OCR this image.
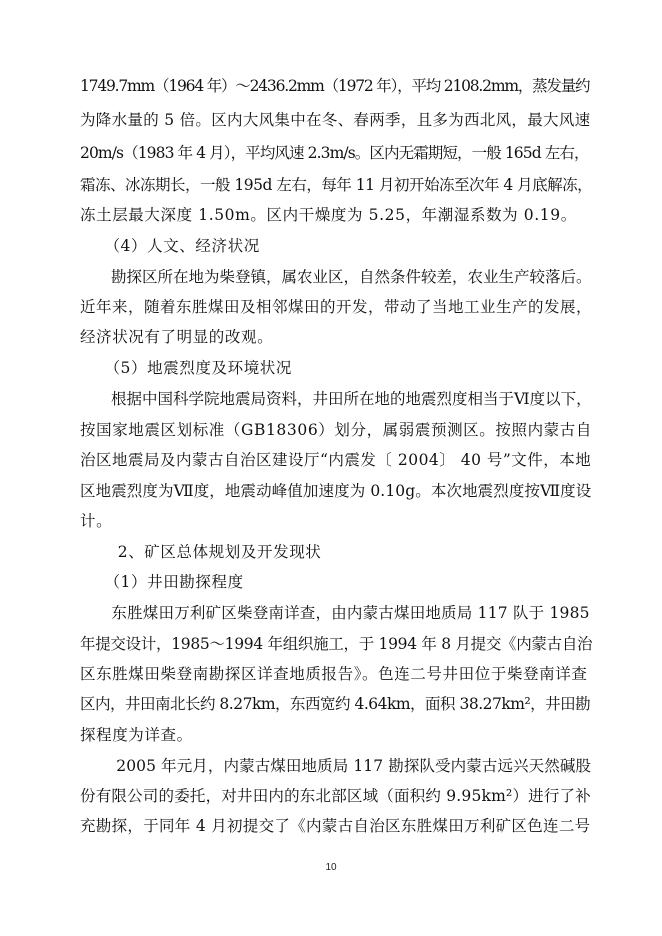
1749.7mm（1964 年）～2436.2mm（1972 年），平均 2108.2mm，蒸发量约
为降水量的 5 倍。区内大风集中在冬、春两季，且多为西北风，最大风速
20m/s（1983 年 4 月），平均风速 2.3m/s。区内无霜期短，一般 165d 左右，
霜冻、冰冻期长，一般 195d 左右，每年 11 月初开始冻至次年 4 月底解冻，
冻土层最大深度 1.50m。区内干燥度为 5.25，年潮湿系数为 0.19。
　　（4）人文、经济状况
　　勘探区所在地为柴登镇，属农业区，自然条件较差，农业生产较落后。
近年来，随着东胜煤田及相邻煤田的开发，带动了当地工业生产的发展，
经济状况有了明显的改观。
　　（5）地震烈度及环境状况
　　根据中国科学院地震局资料，井田所在地的地震烈度相当于Ⅵ度以下，
按国家地震区划标准（GB18306）划分，属弱震预测区。按照内蒙古自
治区地震局及内蒙古自治区建设厅“内震发〔 2004〕 40 号”文件，本地
区地震烈度为Ⅶ度，地震动峰值加速度为 0.10g。本次地震烈度按Ⅶ度设
计。
　　 2、矿区总体规划及开发现状
　　（1）井田勘探程度
　　东胜煤田万利矿区柴登南详查，由内蒙古煤田地质局 117 队于 1985
年提交设计，1985～1994 年组织施工，于 1994 年 8 月提交《内蒙古自治
区东胜煤田柴登南勘探区详查地质报告》。色连二号井田位于柴登南详查
区内，井田南北长约 8.27km，东西宽约 4.64km，面积 38.27km²，井田勘
探程度为详查。
　　 2005 年元月，内蒙古煤田地质局 117 勘探队受内蒙古远兴天然碱股
份有限公司的委托，对井田内的东北部区域（面积约 9.95km²）进行了补
充勘探，于同年 4 月初提交了《内蒙古自治区东胜煤田万利矿区色连二号
10
